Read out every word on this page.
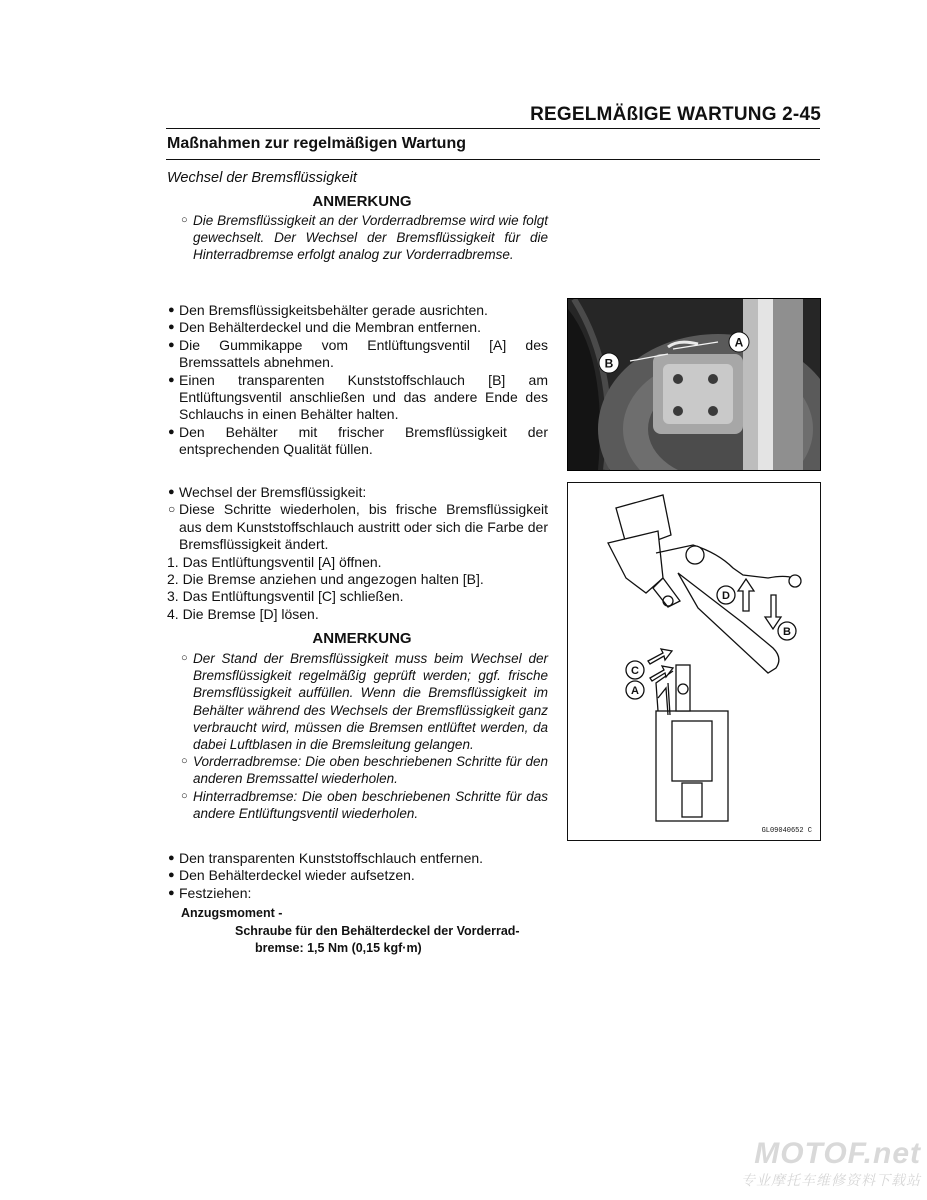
REGELMÄßIGE WARTUNG 2-45
Maßnahmen zur regelmäßigen Wartung
Wechsel der Bremsflüssigkeit
ANMERKUNG

○ Die Bremsflüssigkeit an der Vorderradbremse wird wie folgt gewechselt. Der Wechsel der Bremsflüssigkeit für die Hinterradbremse erfolgt analog zur Vorderradbremse.

● Den Bremsflüssigkeitsbehälter gerade ausrichten.

● Den Behälterdeckel und die Membran entfernen.

● Die Gummikappe vom Entlüftungsventil [A] des Bremssattels abnehmen.

● Einen transparenten Kunststoffschlauch [B] am Entlüftungsventil anschließen und das andere Ende des Schlauchs in einen Behälter halten.

● Den Behälter mit frischer Bremsflüssigkeit der entsprechenden Qualität füllen.

● Wechsel der Bremsflüssigkeit:

○ Diese Schritte wiederholen, bis frische Bremsflüssigkeit aus dem Kunststoffschlauch austritt oder sich die Farbe der Bremsflüssigkeit ändert.

1. Das Entlüftungsventil [A] öffnen.

2. Die Bremse anziehen und angezogen halten [B].

3. Das Entlüftungsventil [C] schließen.

4. Die Bremse [D] lösen.

ANMERKUNG

○ Der Stand der Bremsflüssigkeit muss beim Wechsel der Bremsflüssigkeit regelmäßig geprüft werden; ggf. frische Bremsflüssigkeit auffüllen. Wenn die Bremsflüssigkeit im Behälter während des Wechsels der Bremsflüssigkeit ganz verbraucht wird, müssen die Bremsen entlüftet werden, da dabei Luftblasen in die Bremsleitung gelangen.

○ Vorderradbremse: Die oben beschriebenen Schritte für den anderen Bremssattel wiederholen.

○ Hinterradbremse: Die oben beschriebenen Schritte für das andere Entlüftungsventil wiederholen.

● Den transparenten Kunststoffschlauch entfernen.

● Den Behälterdeckel wieder aufsetzen.

● Festziehen:

Anzugsmoment -
Schraube für den Behälterdeckel der Vorderrad-
bremse: 1,5 Nm (0,15 kgf·m)
A
B
D
B
C
A
GL09040652 C
MOTOF.net
专业摩托车维修资料下载站
